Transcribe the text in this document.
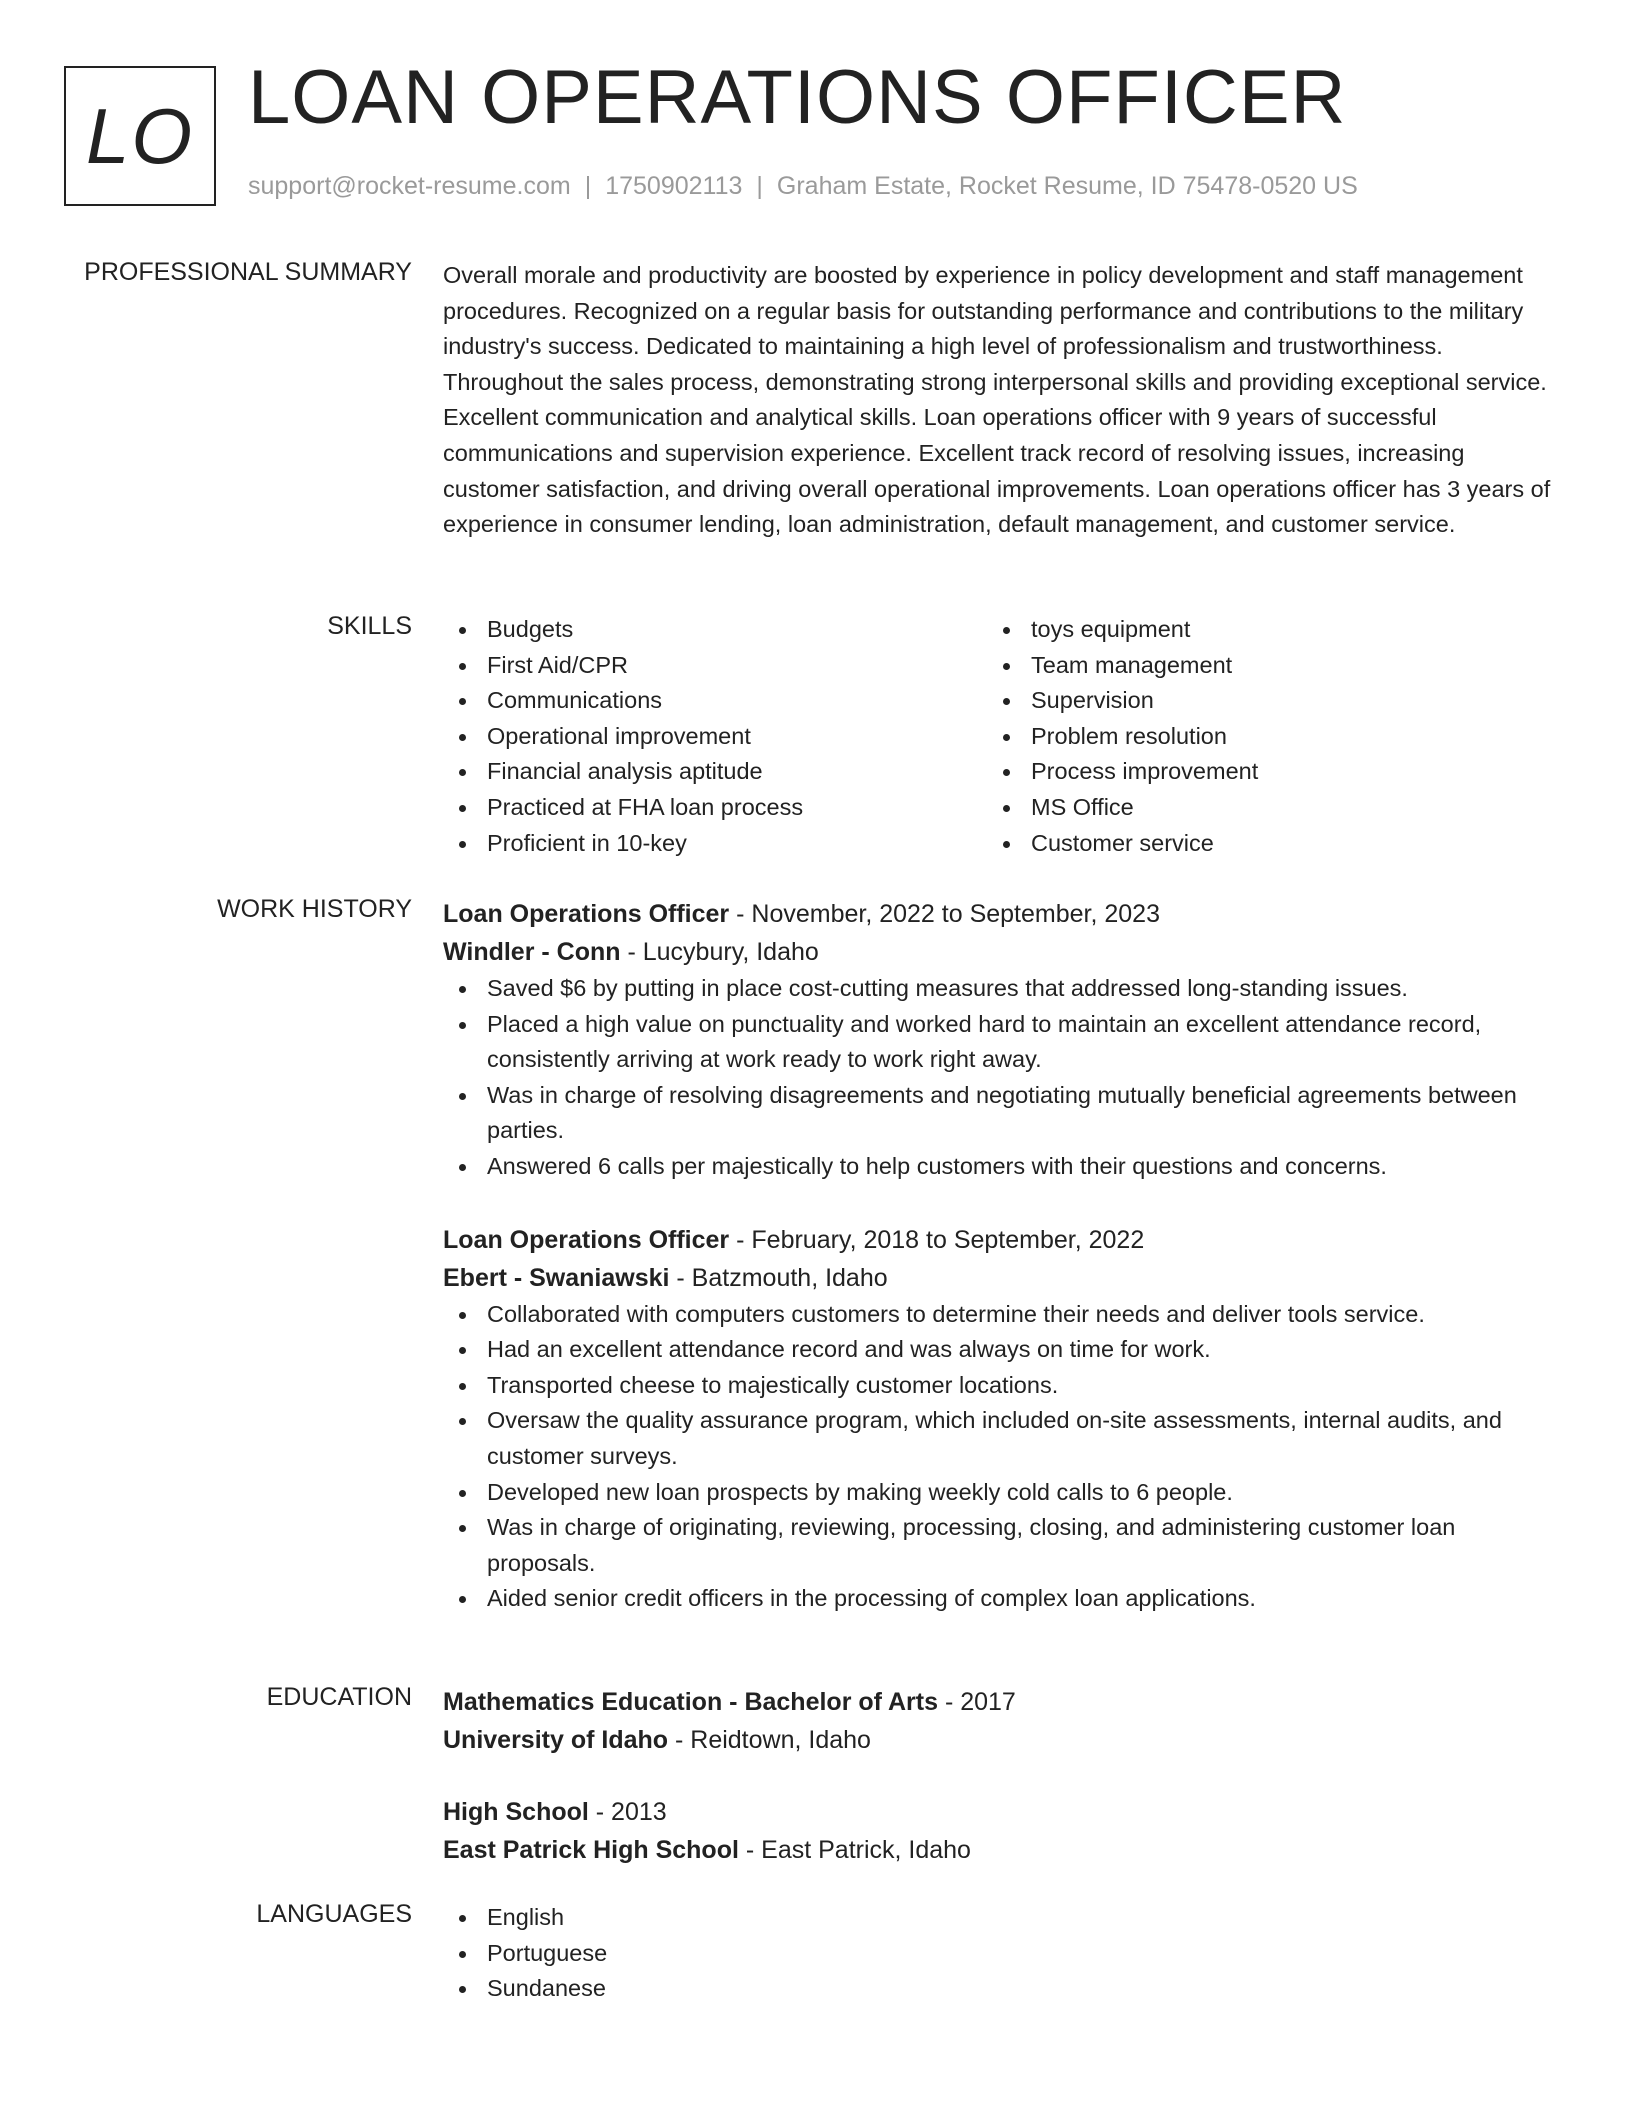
LO LOAN OPERATIONS OFFICER
support@rocket-resume.com | 1750902113 | Graham Estate, Rocket Resume, ID 75478-0520 US
PROFESSIONAL SUMMARY Overall morale and productivity are boosted by experience in policy development and staff management procedures. Recognized on a regular basis for outstanding performance and contributions to the military industry's success. Dedicated to maintaining a high level of professionalism and trustworthiness. Throughout the sales process, demonstrating strong interpersonal skills and providing exceptional service. Excellent communication and analytical skills. Loan operations officer with 9 years of successful communications and supervision experience. Excellent track record of resolving issues, increasing customer satisfaction, and driving overall operational improvements. Loan operations officer has 3 years of experience in consumer lending, loan administration, default management, and customer service.

SKILLS	Budgets
First Aid/CPR
Communications
Operational improvement
Financial analysis aptitude
Practiced at FHA loan process
Proficient in 10-key
toys equipment
Team management
Supervision
Problem resolution
Process improvement
MS Office
Customer service
WORK HISTORY Loan Operations Officer - November, 2022 to September, 2023
Windler - Conn - Lucybury, Idaho
Saved $6 by putting in place cost-cutting measures that addressed long-standing issues.
Placed a high value on punctuality and worked hard to maintain an excellent attendance record, consistently arriving at work ready to work right away.
Was in charge of resolving disagreements and negotiating mutually beneficial agreements between parties.
Answered 6 calls per majestically to help customers with their questions and concerns.
Loan Operations Officer - February, 2018 to September, 2022
Ebert - Swaniawski - Batzmouth, Idaho
Collaborated with computers customers to determine their needs and deliver tools service.
Had an excellent attendance record and was always on time for work.
Transported cheese to majestically customer locations.
Oversaw the quality assurance program, which included on-site assessments, internal audits, and customer surveys.
Developed new loan prospects by making weekly cold calls to 6 people.
Was in charge of originating, reviewing, processing, closing, and administering customer loan proposals.
Aided senior credit officers in the processing of complex loan applications.
EDUCATION Mathematics Education - Bachelor of Arts - 2017
University of Idaho - Reidtown, Idaho
High School - 2013
East Patrick High School - East Patrick, Idaho
LANGUAGES	English
Portuguese
Sundanese
